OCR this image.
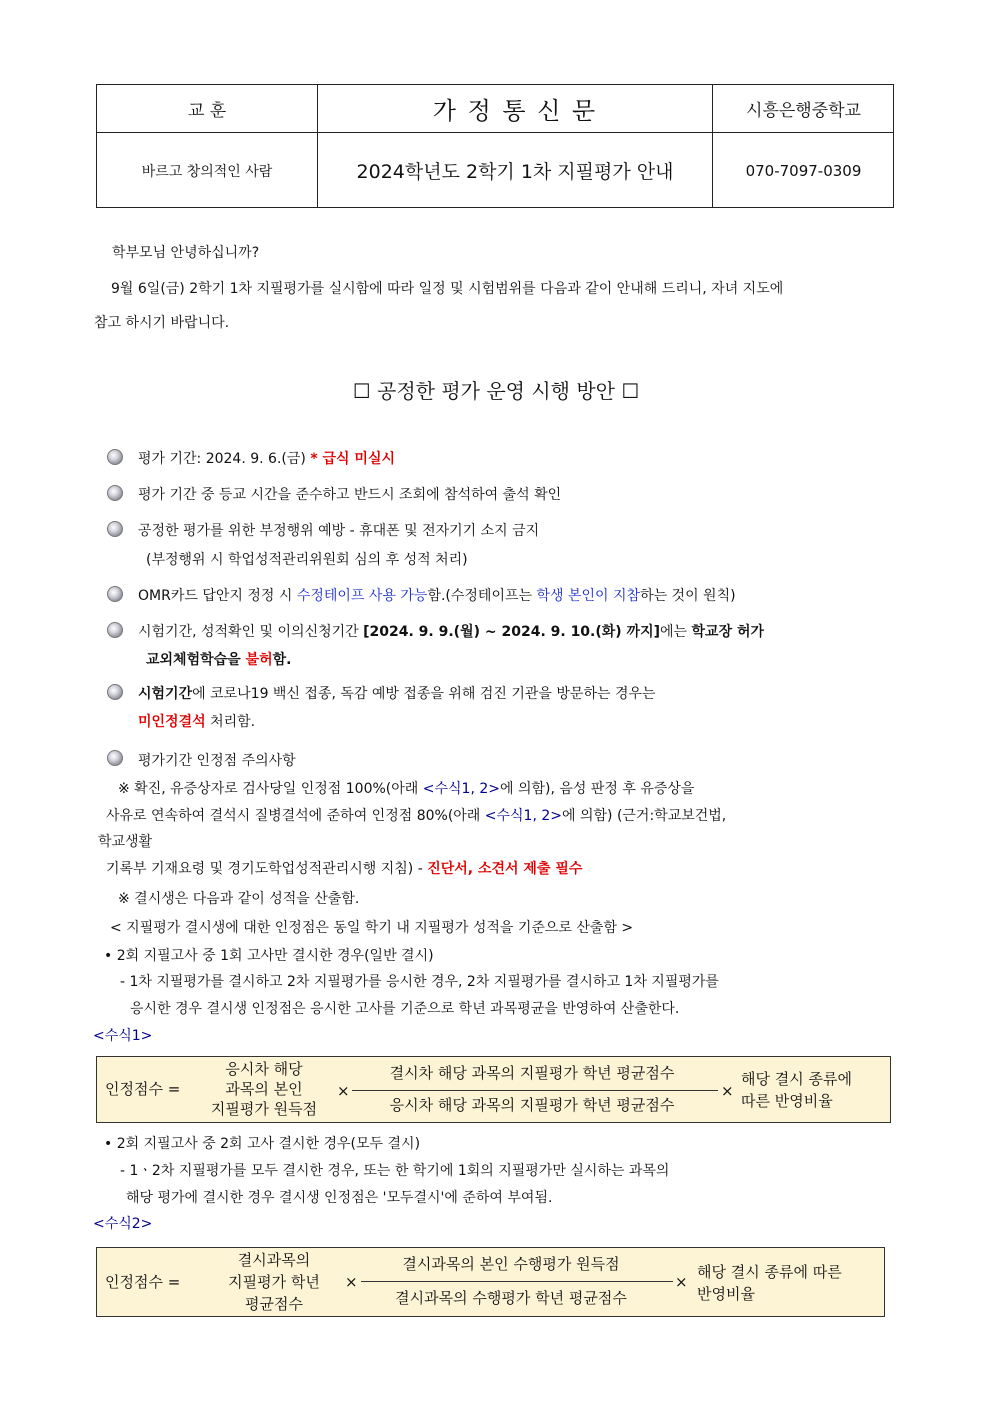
교 훈	가 정 통 신 문	시흥은행중학교
바르고 창의적인 사람	2024학년도 2학기 1차 지필평가 안내	070-7097-0309
학부모님 안녕하십니까?
9월 6일(금) 2학기 1차 지필평가를 실시함에 따라 일정 및 시험범위를 다음과 같이 안내해 드리니, 자녀 지도에
참고 하시기 바랍니다.
☐ 공정한 평가 운영 시행 방안 ☐
평가 기간: 2024. 9. 6.(금) * 급식 미실시
평가 기간 중 등교 시간을 준수하고 반드시 조회에 참석하여 출석 확인
공정한 평가를 위한 부정행위 예방 - 휴대폰 및 전자기기 소지 금지
(부정행위 시 학업성적관리위원회 심의 후 성적 처리)
OMR카드 답안지 정정 시 수정테이프 사용 가능함.(수정테이프는 학생 본인이 지참하는 것이 원칙)
시험기간, 성적확인 및 이의신청기간 [2024. 9. 9.(월) ~ 2024. 9. 10.(화) 까지]에는 학교장 허가
교외체험학습을 불허함.
시험기간에 코로나19 백신 접종, 독감 예방 접종을 위해 검진 기관을 방문하는 경우는
미인정결석 처리함.
평가기간 인정점 주의사항
※ 확진, 유증상자로 검사당일 인정점 100%(아래 <수식1, 2>에 의함), 음성 판정 후 유증상을
사유로 연속하여 결석시 질병결석에 준하여 인정점 80%(아래 <수식1, 2>에 의함) (근거:학교보건법,
학교생활
기록부 기재요령 및 경기도학업성적관리시행 지침) - 진단서, 소견서 제출 필수
※ 결시생은 다음과 같이 성적을 산출함.
< 지필평가 결시생에 대한 인정점은 동일 학기 내 지필평가 성적을 기준으로 산출함 >
• 2회 지필고사 중 1회 고사만 결시한 경우(일반 결시)
- 1차 지필평가를 결시하고 2차 지필평가를 응시한 경우, 2차 지필평가를 결시하고 1차 지필평가를
응시한 경우 결시생 인정점은 응시한 고사를 기준으로 학년 과목평균을 반영하여 산출한다.
<수식1>
인정점수 =
응시차 해당
과목의 본인
지필평가 원득점
×
결시차 해당 과목의 지필평가 학년 평균점수
응시차 해당 과목의 지필평가 학년 평균점수
×
해당 결시 종류에
따른 반영비율
• 2회 지필고사 중 2회 고사 결시한 경우(모두 결시)
- 1ㆍ2차 지필평가를 모두 결시한 경우, 또는 한 학기에 1회의 지필평가만 실시하는 과목의
해당 평가에 결시한 경우 결시생 인정점은 '모두결시'에 준하여 부여됨.
<수식2>
인정점수 =
결시과목의
지필평가 학년
평균점수
×
결시과목의 본인 수행평가 원득점
결시과목의 수행평가 학년 평균점수
×
해당 결시 종류에 따른
반영비율
